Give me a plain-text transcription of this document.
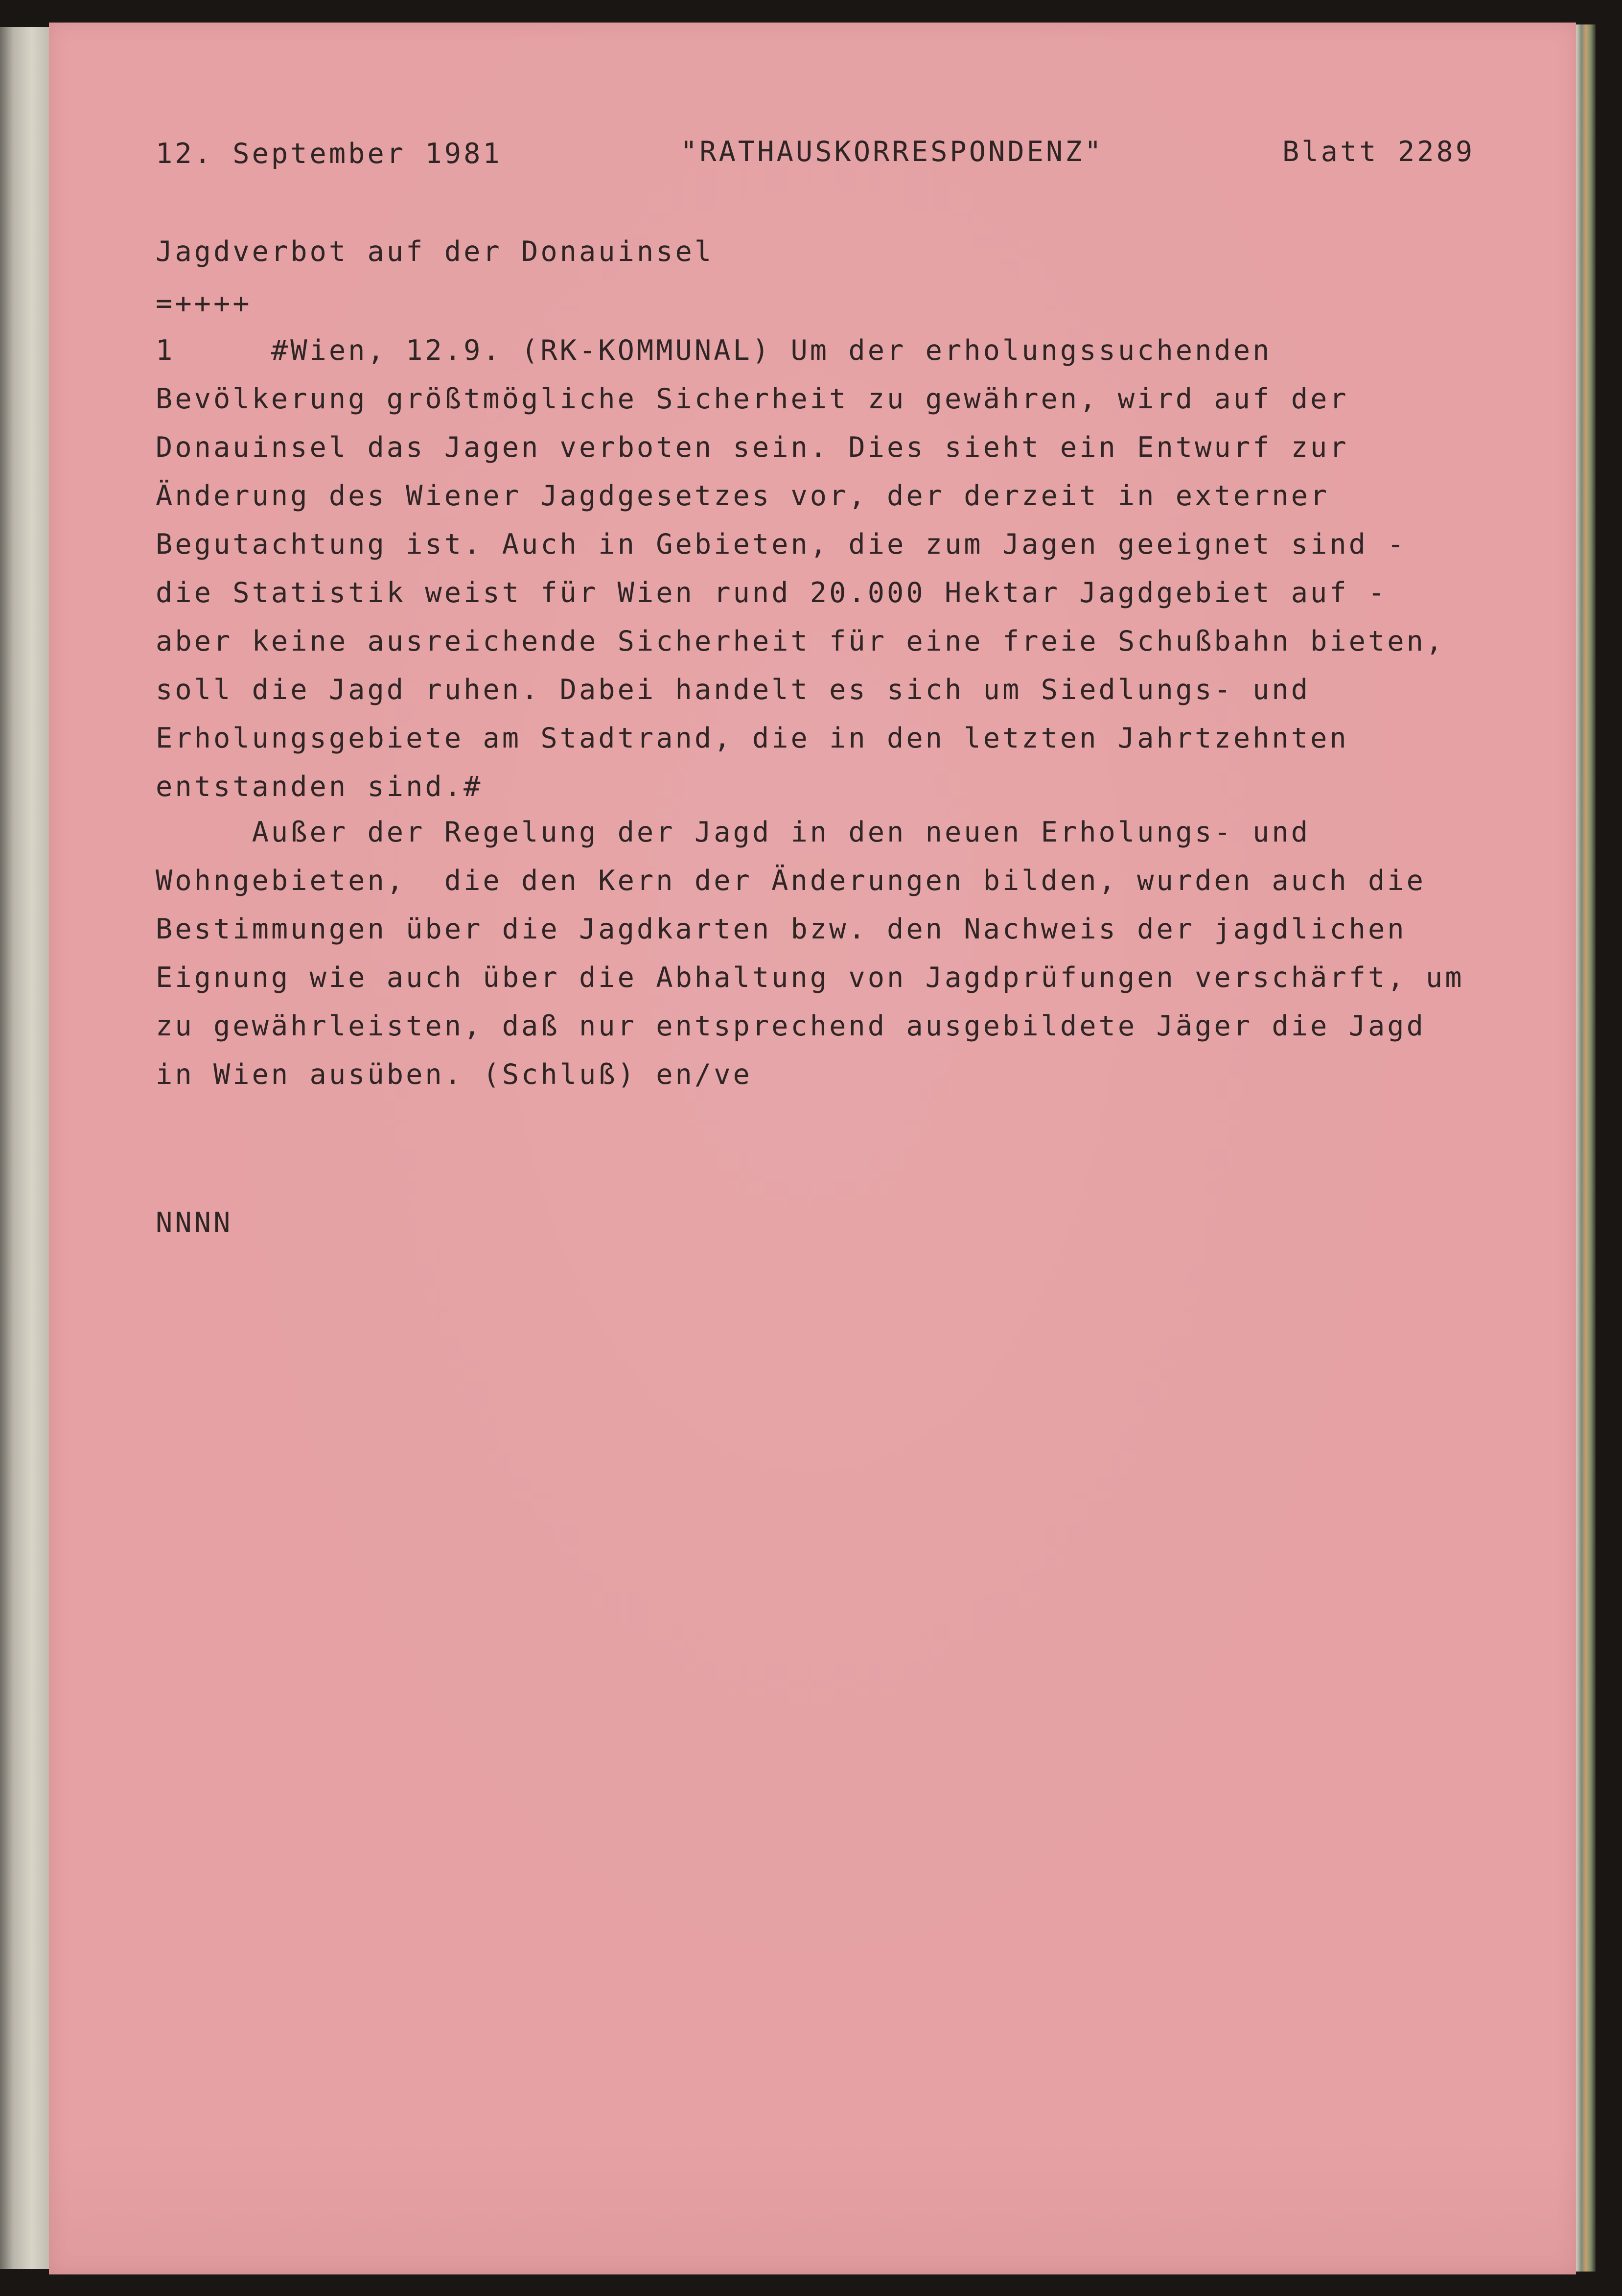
12. September 1981	"RATHAUSKORRESPONDENZ"	Blatt 2289

Jagdverbot auf der Donauinsel

=++++

1     #Wien, 12.9. (RK-KOMMUNAL) Um der erholungssuchenden

Bevölkerung größtmögliche Sicherheit zu gewähren, wird auf der

Donauinsel das Jagen verboten sein. Dies sieht ein Entwurf zur

Änderung des Wiener Jagdgesetzes vor, der derzeit in externer

Begutachtung ist. Auch in Gebieten, die zum Jagen geeignet sind -

die Statistik weist für Wien rund 20.000 Hektar Jagdgebiet auf -

aber keine ausreichende Sicherheit für eine freie Schußbahn bieten,

soll die Jagd ruhen. Dabei handelt es sich um Siedlungs- und

Erholungsgebiete am Stadtrand, die in den letzten Jahrtzehnten

entstanden sind.#

Außer der Regelung der Jagd in den neuen Erholungs- und

Wohngebieten,  die den Kern der Änderungen bilden, wurden auch die

Bestimmungen über die Jagdkarten bzw. den Nachweis der jagdlichen

Eignung wie auch über die Abhaltung von Jagdprüfungen verschärft, um

zu gewährleisten, daß nur entsprechend ausgebildete Jäger die Jagd

in Wien ausüben. (Schluß) en/ve

NNNN
